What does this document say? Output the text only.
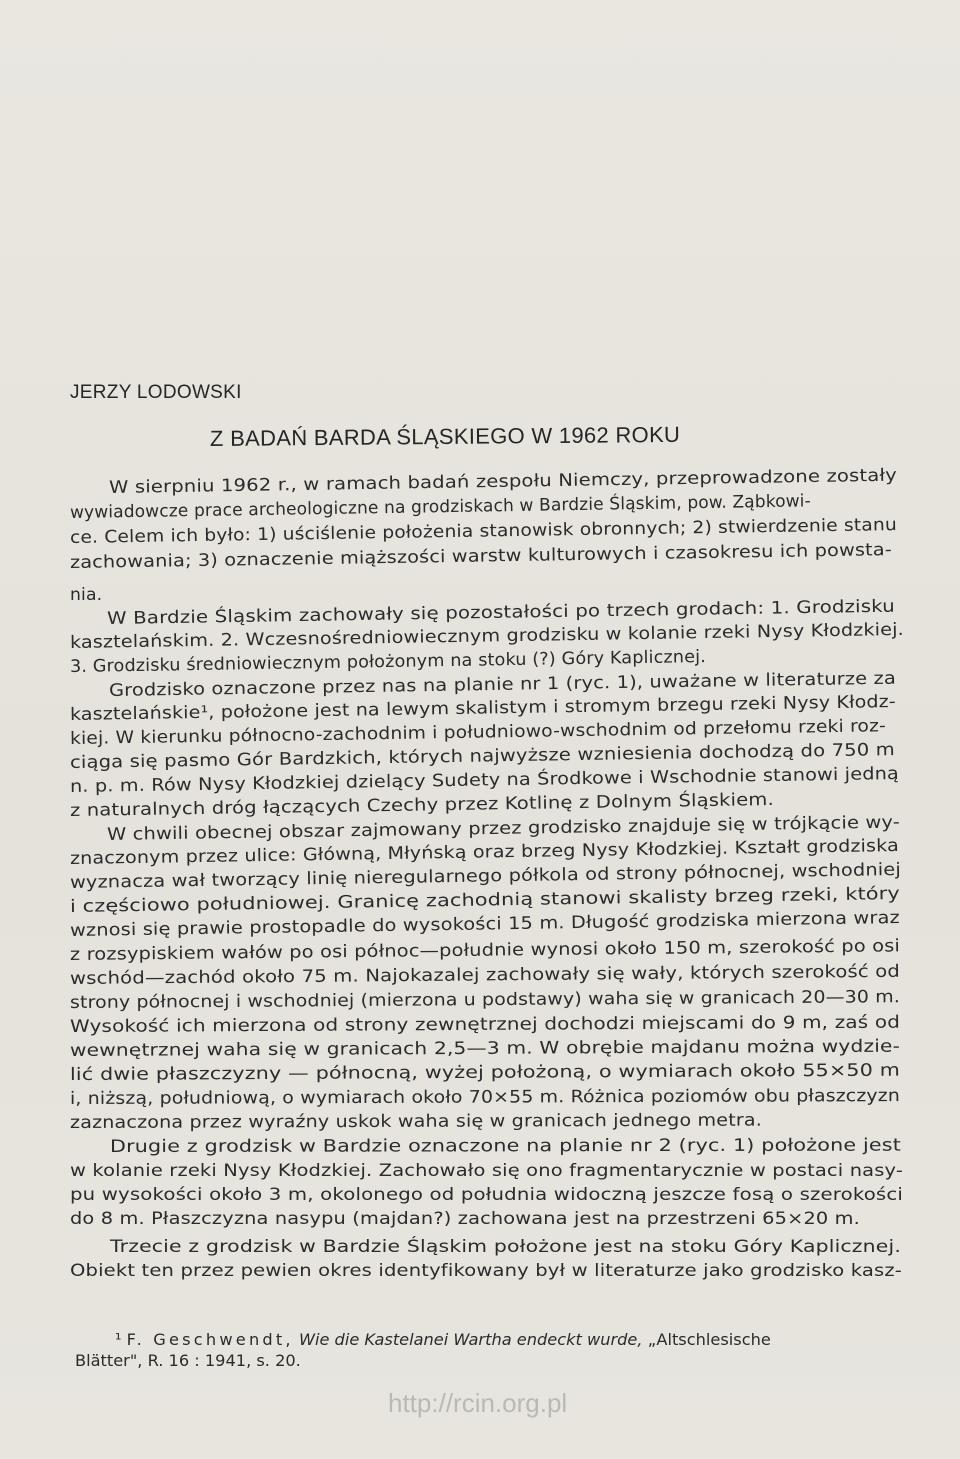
JERZY LODOWSKI
Z BADAŃ BARDA ŚLĄSKIEGO W 1962 ROKU
W sierpniu 1962 r., w ramach badań zespołu Niemczy, przeprowadzone zostały
wywiadowcze prace archeologiczne na grodziskach w Bardzie Śląskim, pow. Ząbkowi-
ce. Celem ich było: 1) uściślenie położenia stanowisk obronnych; 2) stwierdzenie stanu
zachowania; 3) oznaczenie miąższości warstw kulturowych i czasokresu ich powsta-
nia.
W Bardzie Śląskim zachowały się pozostałości po trzech grodach: 1. Grodzisku
kasztelańskim. 2. Wczesnośredniowiecznym grodzisku w kolanie rzeki Nysy Kłodzkiej.
3. Grodzisku średniowiecznym położonym na stoku (?) Góry Kaplicznej.
Grodzisko oznaczone przez nas na planie nr 1 (ryc. 1), uważane w literaturze za
kasztelańskie¹, położone jest na lewym skalistym i stromym brzegu rzeki Nysy Kłodz-
kiej. W kierunku północno-zachodnim i południowo-wschodnim od przełomu rzeki roz-
ciąga się pasmo Gór Bardzkich, których najwyższe wzniesienia dochodzą do 750 m
n. p. m. Rów Nysy Kłodzkiej dzielący Sudety na Środkowe i Wschodnie stanowi jedną
z naturalnych dróg łączących Czechy przez Kotlinę z Dolnym Śląskiem.
W chwili obecnej obszar zajmowany przez grodzisko znajduje się w trójkącie wy-
znaczonym przez ulice: Główną, Młyńską oraz brzeg Nysy Kłodzkiej. Kształt grodziska
wyznacza wał tworzący linię nieregularnego półkola od strony północnej, wschodniej
i częściowo południowej. Granicę zachodnią stanowi skalisty brzeg rzeki, który
wznosi się prawie prostopadle do wysokości 15 m. Długość grodziska mierzona wraz
z rozsypiskiem wałów po osi północ—południe wynosi około 150 m, szerokość po osi
wschód—zachód około 75 m. Najokazalej zachowały się wały, których szerokość od
strony północnej i wschodniej (mierzona u podstawy) waha się w granicach 20—30 m.
Wysokość ich mierzona od strony zewnętrznej dochodzi miejscami do 9 m, zaś od
wewnętrznej waha się w granicach 2,5—3 m. W obrębie majdanu można wydzie-
lić dwie płaszczyzny — północną, wyżej położoną, o wymiarach około 55×50 m
i, niższą, południową, o wymiarach około 70×55 m. Różnica poziomów obu płaszczyzn
zaznaczona przez wyraźny uskok waha się w granicach jednego metra.
Drugie z grodzisk w Bardzie oznaczone na planie nr 2 (ryc. 1) położone jest
w kolanie rzeki Nysy Kłodzkiej. Zachowało się ono fragmentarycznie w postaci nasy-
pu wysokości około 3 m, okolonego od południa widoczną jeszcze fosą o szerokości
do 8 m. Płaszczyzna nasypu (majdan?) zachowana jest na przestrzeni 65×20 m.
Trzecie z grodzisk w Bardzie Śląskim położone jest na stoku Góry Kaplicznej.
Obiekt ten przez pewien okres identyfikowany był w literaturze jako grodzisko kasz-
¹ F. Geschwendt, Wie die Kastelanei Wartha endeckt wurde, „Altschlesische
Blätter", R. 16 : 1941, s. 20.
http://rcin.org.pl
